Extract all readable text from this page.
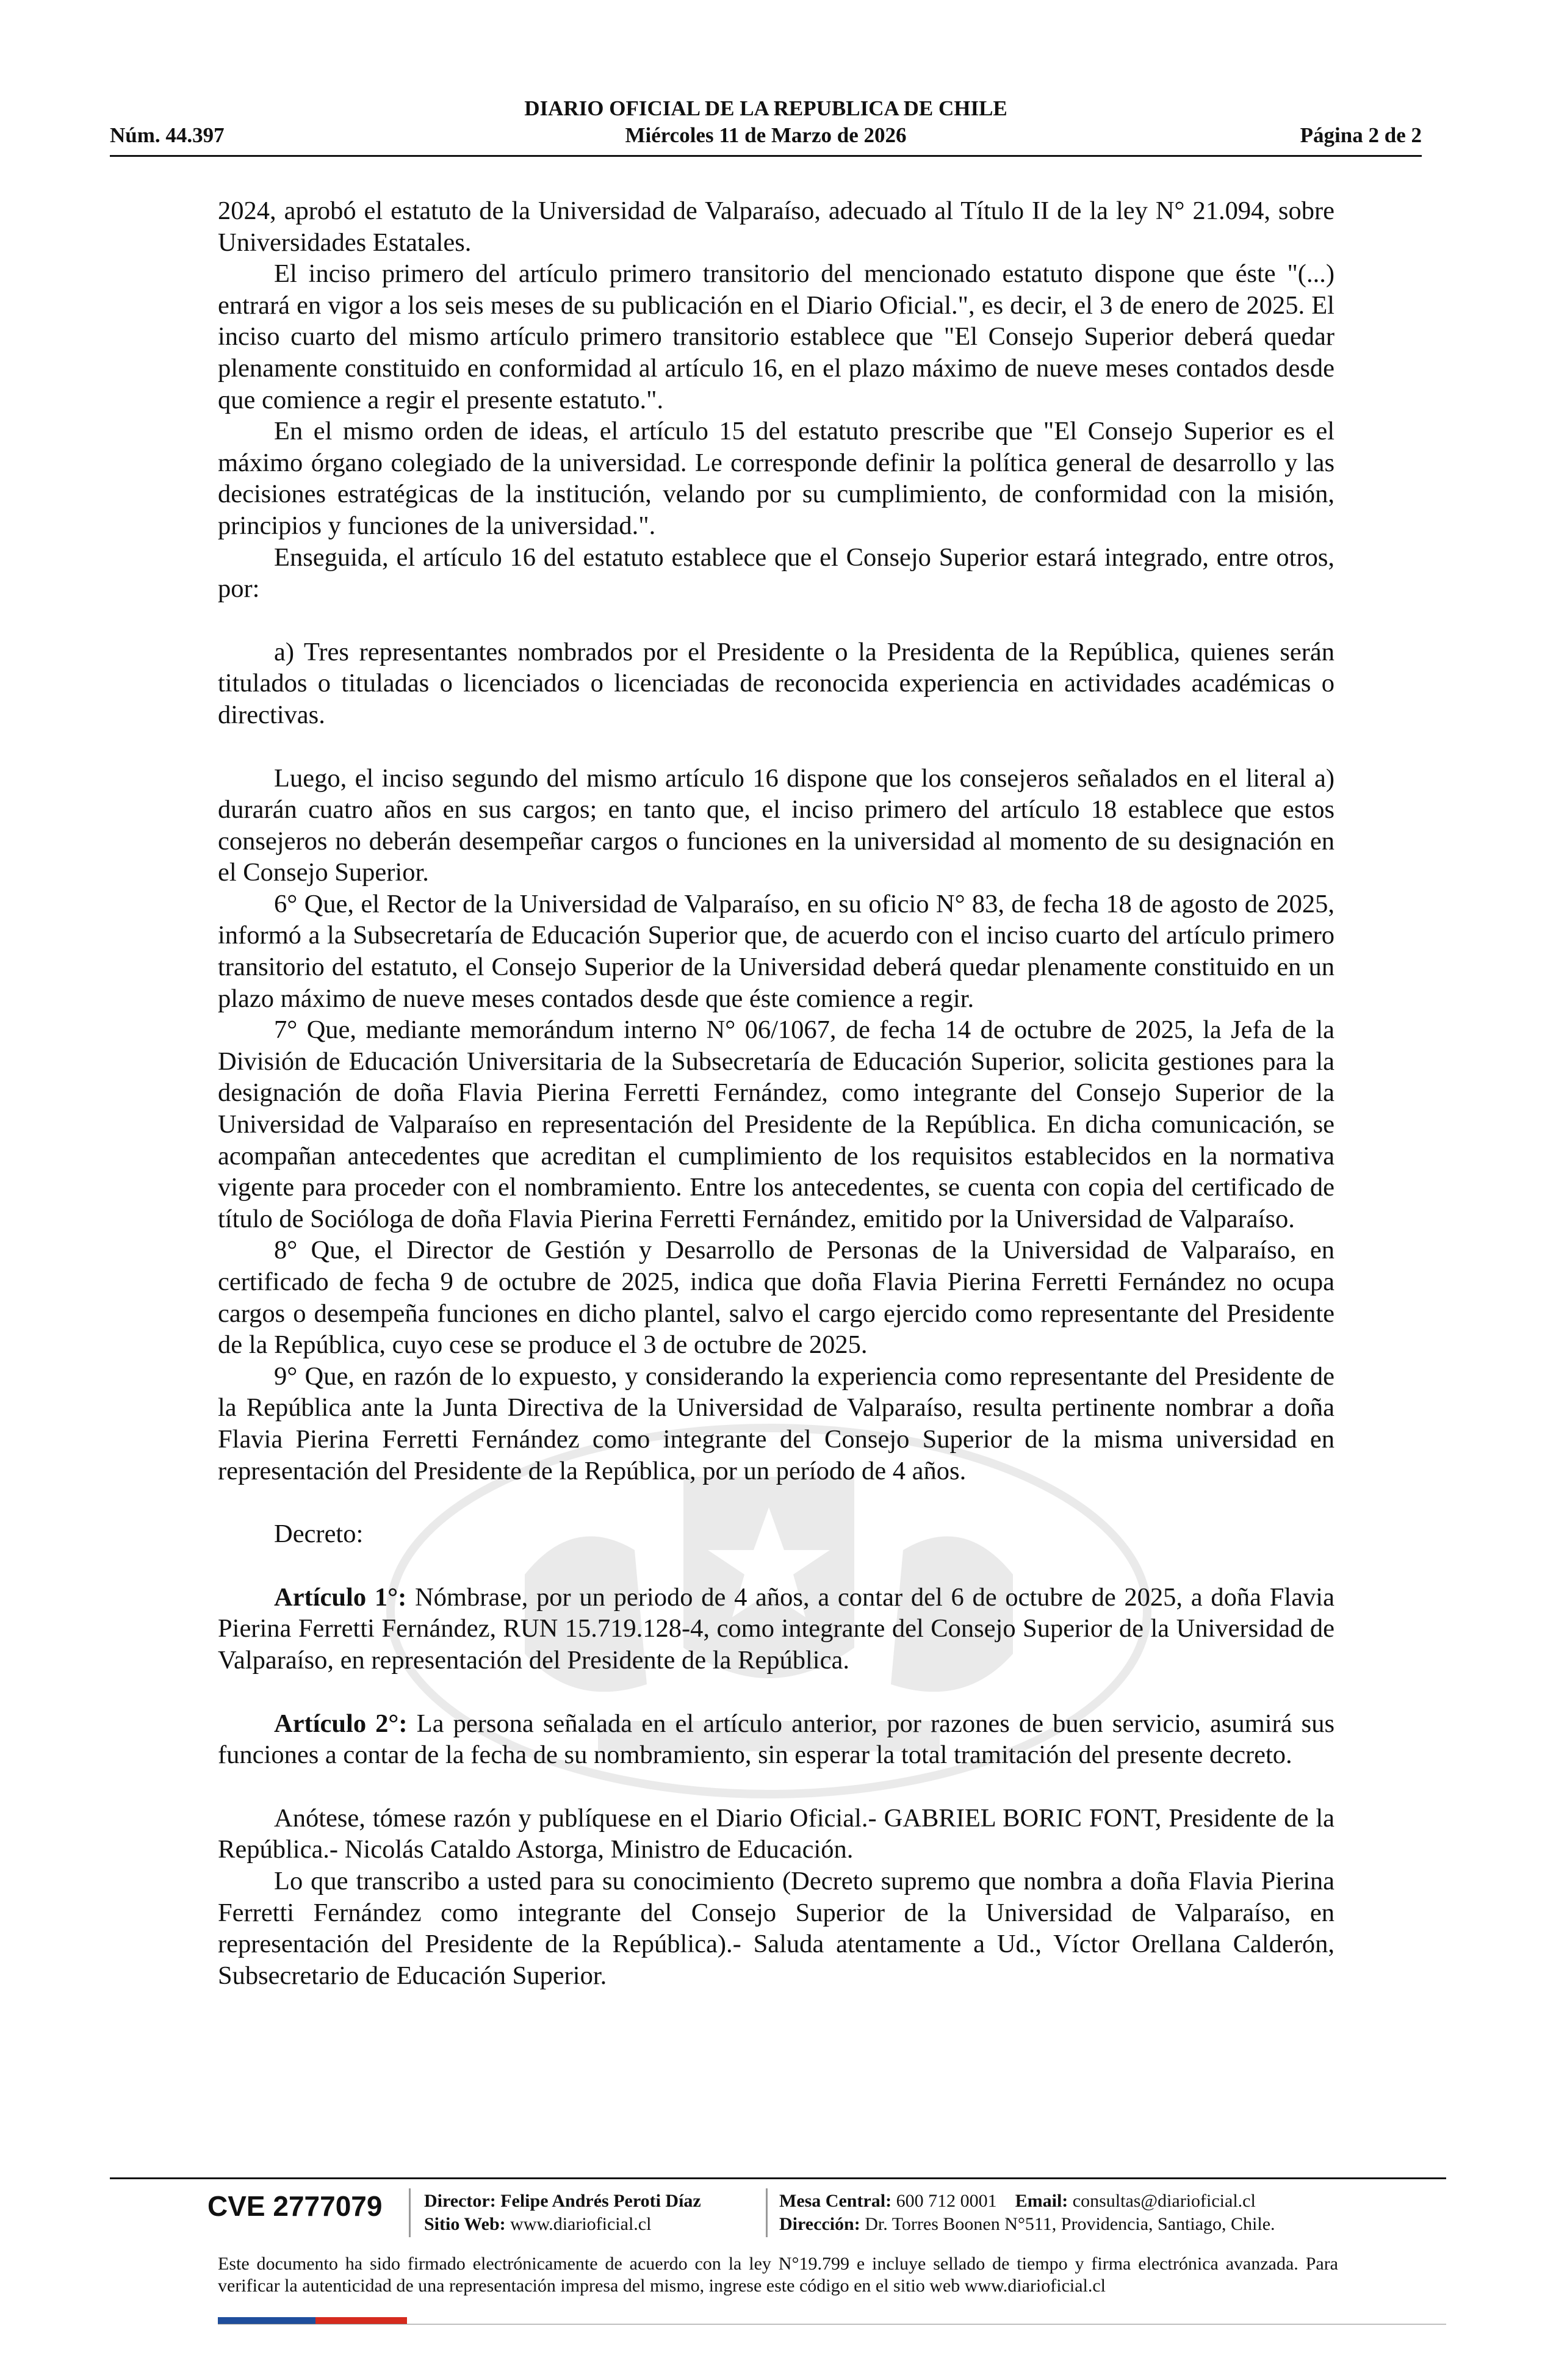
DIARIO OFICIAL DE LA REPUBLICA DE CHILE
Núm. 44.397	Miércoles 11 de Marzo de 2026	Página 2 de 2

2024, aprobó el estatuto de la Universidad de Valparaíso, adecuado al Título II de la ley N° 21.094, sobre Universidades Estatales.

El inciso primero del artículo primero transitorio del mencionado estatuto dispone que éste "(...) entrará en vigor a los seis meses de su publicación en el Diario Oficial.", es decir, el 3 de enero de 2025. El inciso cuarto del mismo artículo primero transitorio establece que "El Consejo Superior deberá quedar plenamente constituido en conformidad al artículo 16, en el plazo máximo de nueve meses contados desde que comience a regir el presente estatuto.".

En el mismo orden de ideas, el artículo 15 del estatuto prescribe que "El Consejo Superior es el máximo órgano colegiado de la universidad. Le corresponde definir la política general de desarrollo y las decisiones estratégicas de la institución, velando por su cumplimiento, de conformidad con la misión, principios y funciones de la universidad.".

Enseguida, el artículo 16 del estatuto establece que el Consejo Superior estará integrado, entre otros, por:

a) Tres representantes nombrados por el Presidente o la Presidenta de la República, quienes serán titulados o tituladas o licenciados o licenciadas de reconocida experiencia en actividades académicas o directivas.

Luego, el inciso segundo del mismo artículo 16 dispone que los consejeros señalados en el literal a) durarán cuatro años en sus cargos; en tanto que, el inciso primero del artículo 18 establece que estos consejeros no deberán desempeñar cargos o funciones en la universidad al momento de su designación en el Consejo Superior.

6° Que, el Rector de la Universidad de Valparaíso, en su oficio N° 83, de fecha 18 de agosto de 2025, informó a la Subsecretaría de Educación Superior que, de acuerdo con el inciso cuarto del artículo primero transitorio del estatuto, el Consejo Superior de la Universidad deberá quedar plenamente constituido en un plazo máximo de nueve meses contados desde que éste comience a regir.

7° Que, mediante memorándum interno N° 06/1067, de fecha 14 de octubre de 2025, la Jefa de la División de Educación Universitaria de la Subsecretaría de Educación Superior, solicita gestiones para la designación de doña Flavia Pierina Ferretti Fernández, como integrante del Consejo Superior de la Universidad de Valparaíso en representación del Presidente de la República. En dicha comunicación, se acompañan antecedentes que acreditan el cumplimiento de los requisitos establecidos en la normativa vigente para proceder con el nombramiento. Entre los antecedentes, se cuenta con copia del certificado de título de Socióloga de doña Flavia Pierina Ferretti Fernández, emitido por la Universidad de Valparaíso.

8° Que, el Director de Gestión y Desarrollo de Personas de la Universidad de Valparaíso, en certificado de fecha 9 de octubre de 2025, indica que doña Flavia Pierina Ferretti Fernández no ocupa cargos o desempeña funciones en dicho plantel, salvo el cargo ejercido como representante del Presidente de la República, cuyo cese se produce el 3 de octubre de 2025.

9° Que, en razón de lo expuesto, y considerando la experiencia como representante del Presidente de la República ante la Junta Directiva de la Universidad de Valparaíso, resulta pertinente nombrar a doña Flavia Pierina Ferretti Fernández como integrante del Consejo Superior de la misma universidad en representación del Presidente de la República, por un período de 4 años.

Decreto:

Artículo 1°: Nómbrase, por un periodo de 4 años, a contar del 6 de octubre de 2025, a doña Flavia Pierina Ferretti Fernández, RUN 15.719.128-4, como integrante del Consejo Superior de la Universidad de Valparaíso, en representación del Presidente de la República.

Artículo 2°: La persona señalada en el artículo anterior, por razones de buen servicio, asumirá sus funciones a contar de la fecha de su nombramiento, sin esperar la total tramitación del presente decreto.

Anótese, tómese razón y publíquese en el Diario Oficial.- GABRIEL BORIC FONT, Presidente de la República.- Nicolás Cataldo Astorga, Ministro de Educación.

Lo que transcribo a usted para su conocimiento (Decreto supremo que nombra a doña Flavia Pierina Ferretti Fernández como integrante del Consejo Superior de la Universidad de Valparaíso, en representación del Presidente de la República).- Saluda atentamente a Ud., Víctor Orellana Calderón, Subsecretario de Educación Superior.

CVE 2777079 Director: Felipe Andrés Peroti Díaz
Sitio Web: www.diarioficial.cl
Mesa Central: 600 712 0001 Email: consultas@diarioficial.cl
Dirección: Dr. Torres Boonen N°511, Providencia, Santiago, Chile.
Este documento ha sido firmado electrónicamente de acuerdo con la ley N°19.799 e incluye sellado de tiempo y firma electrónica avanzada. Para verificar la autenticidad de una representación impresa del mismo, ingrese este código en el sitio web www.diarioficial.cl
